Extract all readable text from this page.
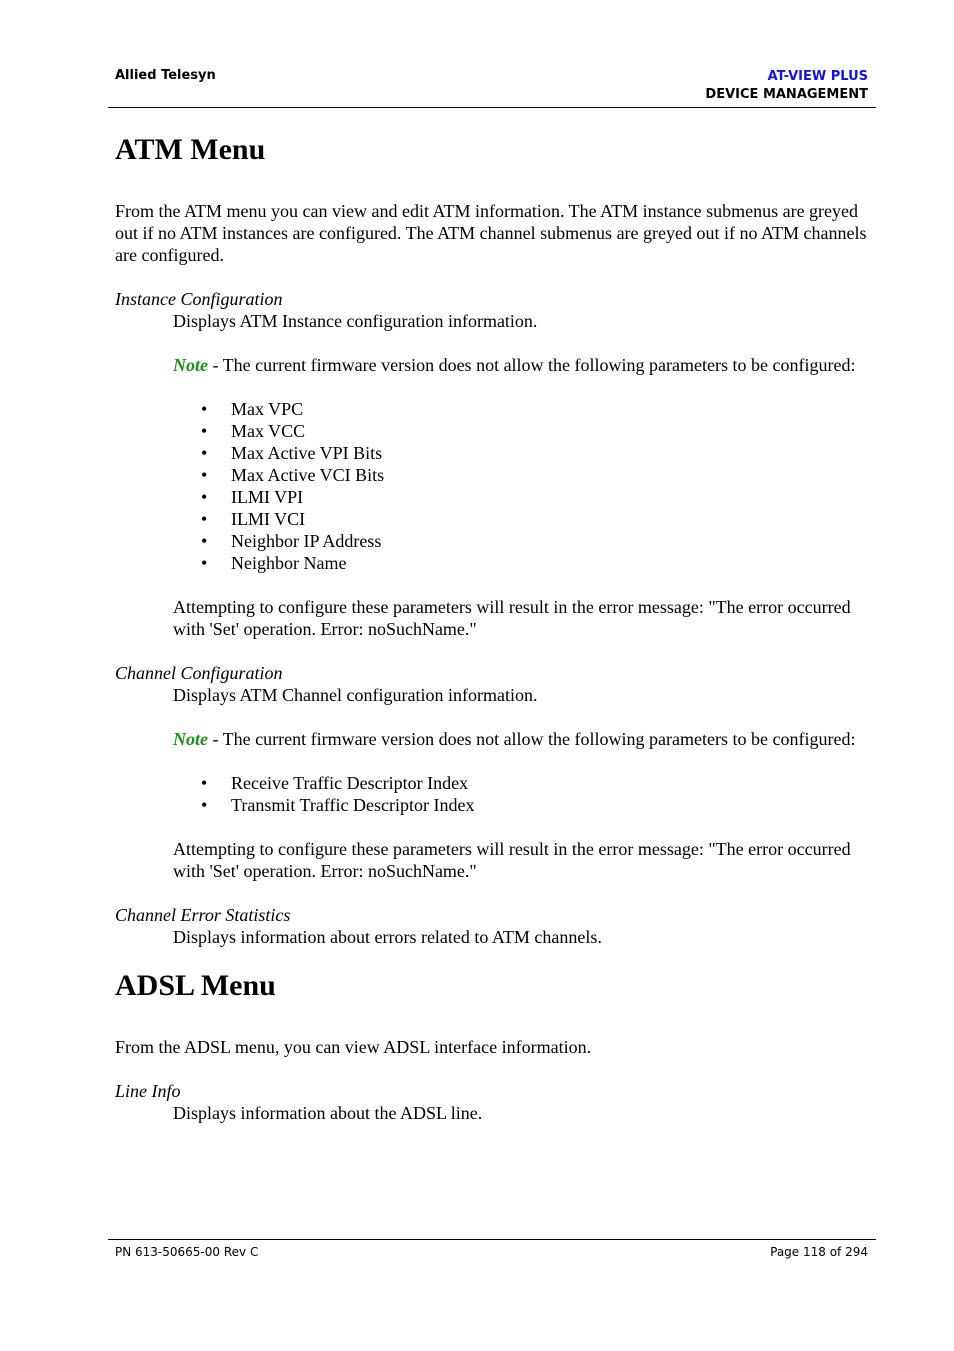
Allied Telesyn	AT-VIEW PLUS
DEVICE MANAGEMENT
ATM Menu

From the ATM menu you can view and edit ATM information. The ATM instance submenus are greyed out if no ATM instances are configured. The ATM channel submenus are greyed out if no ATM channels are configured.

Instance Configuration

Displays ATM Instance configuration information.

Note - The current firmware version does not allow the following parameters to be configured:

• Max VPC
• Max VCC
• Max Active VPI Bits
• Max Active VCI Bits
• ILMI VPI
• ILMI VCI
• Neighbor IP Address
• Neighbor Name

Attempting to configure these parameters will result in the error message: "The error occurred with 'Set' operation. Error: noSuchName."

Channel Configuration

Displays ATM Channel configuration information.

Note - The current firmware version does not allow the following parameters to be configured:

• Receive Traffic Descriptor Index
• Transmit Traffic Descriptor Index

Attempting to configure these parameters will result in the error message: "The error occurred with 'Set' operation. Error: noSuchName."

Channel Error Statistics

Displays information about errors related to ATM channels.

ADSL Menu

From the ADSL menu, you can view ADSL interface information.

Line Info

Displays information about the ADSL line.

PN 613-50665-00 Rev C	Page 118 of 294
